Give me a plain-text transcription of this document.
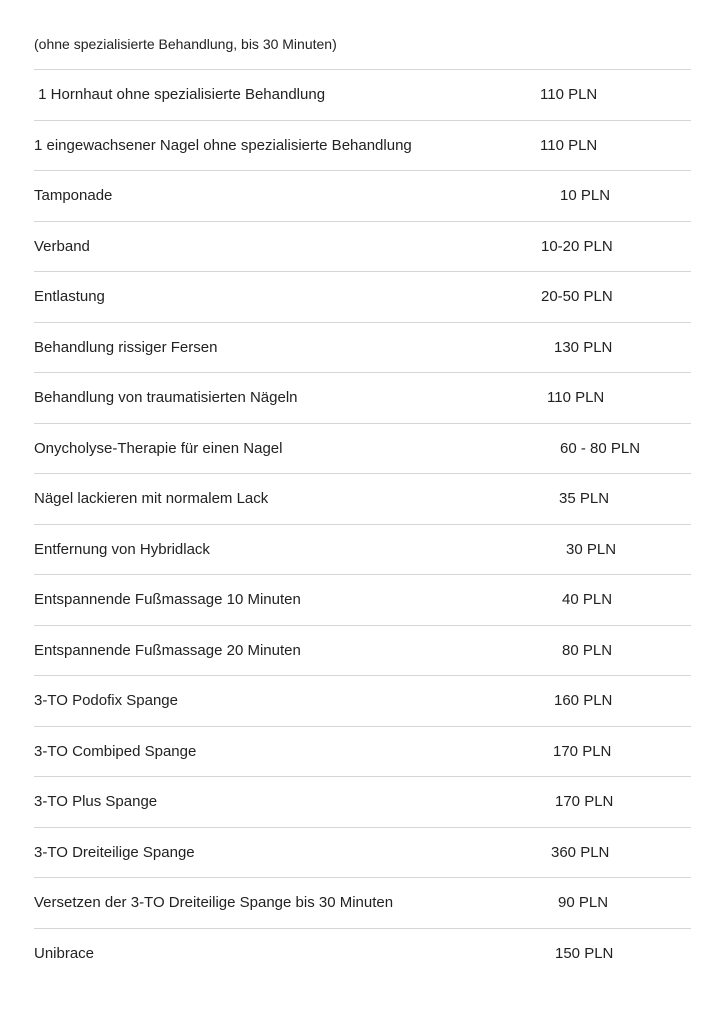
(ohne spezialisierte Behandlung, bis 30 Minuten)
1 Hornhaut ohne spezialisierte Behandlung	110 PLN
1 eingewachsener Nagel ohne spezialisierte Behandlung	110 PLN
Tamponade	10 PLN
Verband	10-20 PLN
Entlastung	20-50 PLN
Behandlung rissiger Fersen	130 PLN
Behandlung von traumatisierten Nägeln	110 PLN
Onycholyse-Therapie für einen Nagel	60 - 80 PLN
Nägel lackieren mit normalem Lack	35 PLN
Entfernung von Hybridlack	30 PLN
Entspannende Fußmassage 10 Minuten	40 PLN
Entspannende Fußmassage 20 Minuten	80 PLN
3-TO Podofix Spange	160 PLN
3-TO Combiped Spange	170 PLN
3-TO Plus Spange	170 PLN
3-TO Dreiteilige Spange	360 PLN
Versetzen der 3-TO Dreiteilige Spange bis 30 Minuten	90 PLN
Unibrace	150 PLN
